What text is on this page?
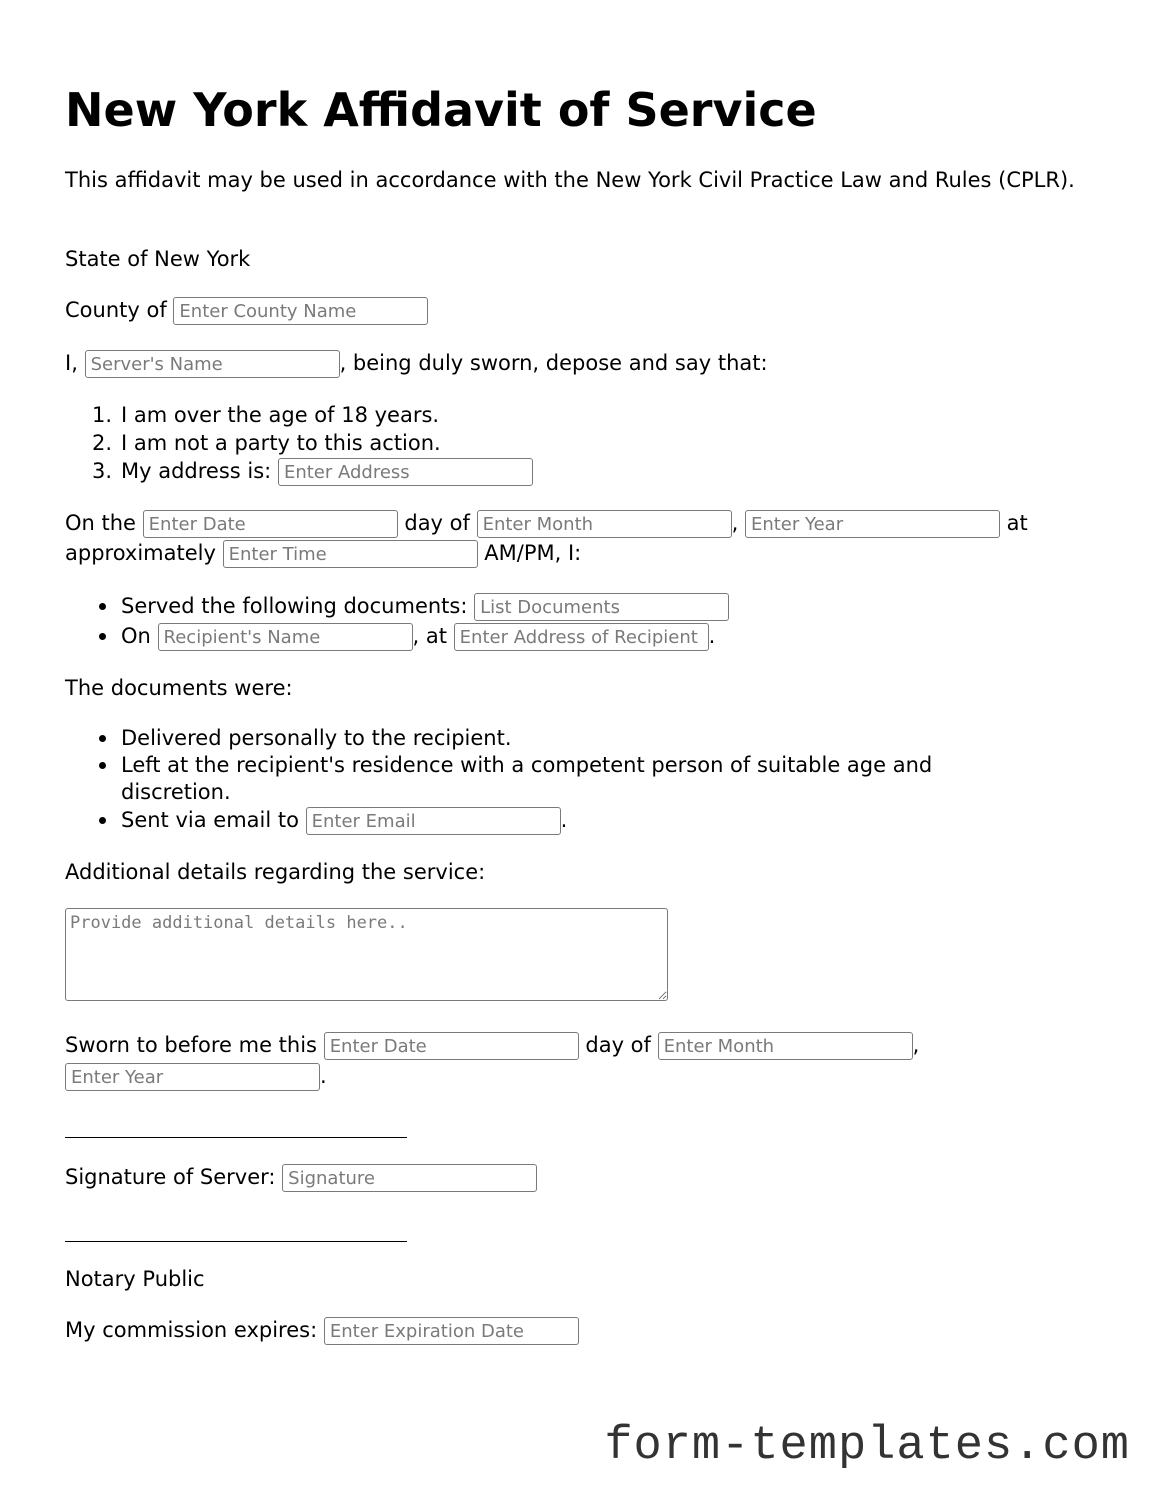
New York Affidavit of Service
This affidavit may be used in accordance with the New York Civil Practice Law and Rules (CPLR).
State of New York
County of Enter County Name
I, Server's Name	, being duly sworn, depose and say that:
1. I am over the age of 18 years.
2. I am not a party to this action.
3. My address is: Enter Address
On the Enter Date	day of Enter Month	, Enter Year	at
approximately Enter Time	AM/PM, I:
Served the following documents: List Documents
On Recipient's Name	, at Enter Address of Recipient	.
The documents were:
Delivered personally to the recipient.
Left at the recipient's residence with a competent person of suitable age and
discretion.
Sent via email to Enter Email	.
Additional details regarding the service:
Provide additional details here..
Sworn to before me this Enter Date	day of Enter Month	,
Enter Year.
Signature of Server: Signature
Notary Public
My commission expires: Enter Expiration Date
form-templates.com
